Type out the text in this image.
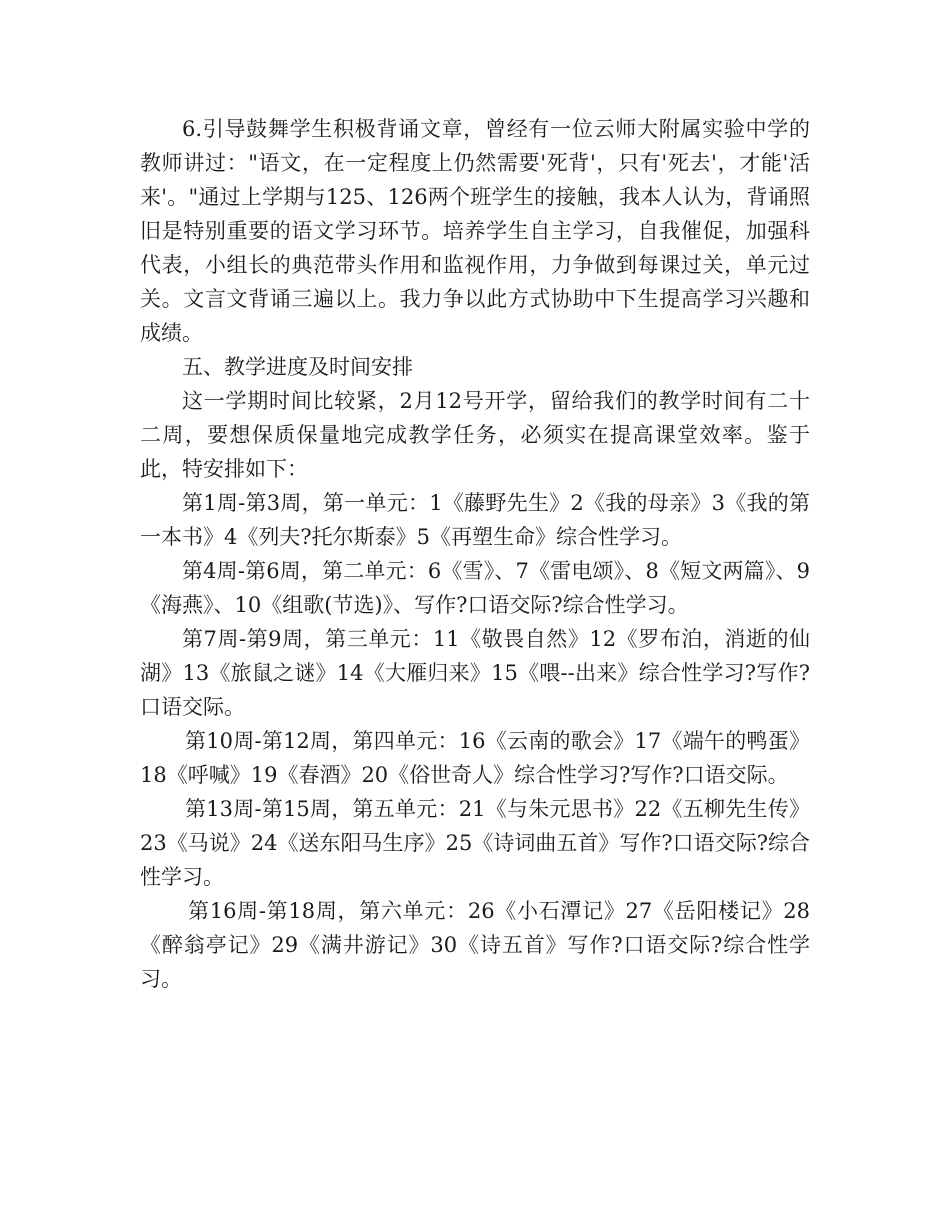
6.引导鼓舞学生积极背诵文章，曾经有一位云师大附属实验中学的教师讲过："语文，在一定程度上仍然需要'死背'，只有'死去'，才能'活来'。"通过上学期与125、126两个班学生的接触，我本人认为，背诵照旧是特别重要的语文学习环节。培养学生自主学习，自我催促，加强科代表，小组长的典范带头作用和监视作用，力争做到每课过关，单元过关。文言文背诵三遍以上。我力争以此方式协助中下生提高学习兴趣和成绩。

五、教学进度及时间安排

这一学期时间比较紧，2月12号开学，留给我们的教学时间有二十二周，要想保质保量地完成教学任务，必须实在提高课堂效率。鉴于此，特安排如下：

第1周-第3周，第一单元：1《藤野先生》2《我的母亲》3《我的第一本书》4《列夫?托尔斯泰》5《再塑生命》综合性学习。

第4周-第6周，第二单元：6《雪》、7《雷电颂》、8《短文两篇》、9《海燕》、10《组歌(节选)》、写作?口语交际?综合性学习。

第7周-第9周，第三单元：11《敬畏自然》12《罗布泊，消逝的仙湖》13《旅鼠之谜》14《大雁归来》15《喂--出来》综合性学习?写作?口语交际。

第10周-第12周，第四单元：16《云南的歌会》17《端午的鸭蛋》18《呼喊》19《春酒》20《俗世奇人》综合性学习?写作?口语交际。

第13周-第15周，第五单元：21《与朱元思书》22《五柳先生传》23《马说》24《送东阳马生序》25《诗词曲五首》写作?口语交际?综合性学习。

第16周-第18周，第六单元：26《小石潭记》27《岳阳楼记》28《醉翁亭记》29《满井游记》30《诗五首》写作?口语交际?综合性学习。
